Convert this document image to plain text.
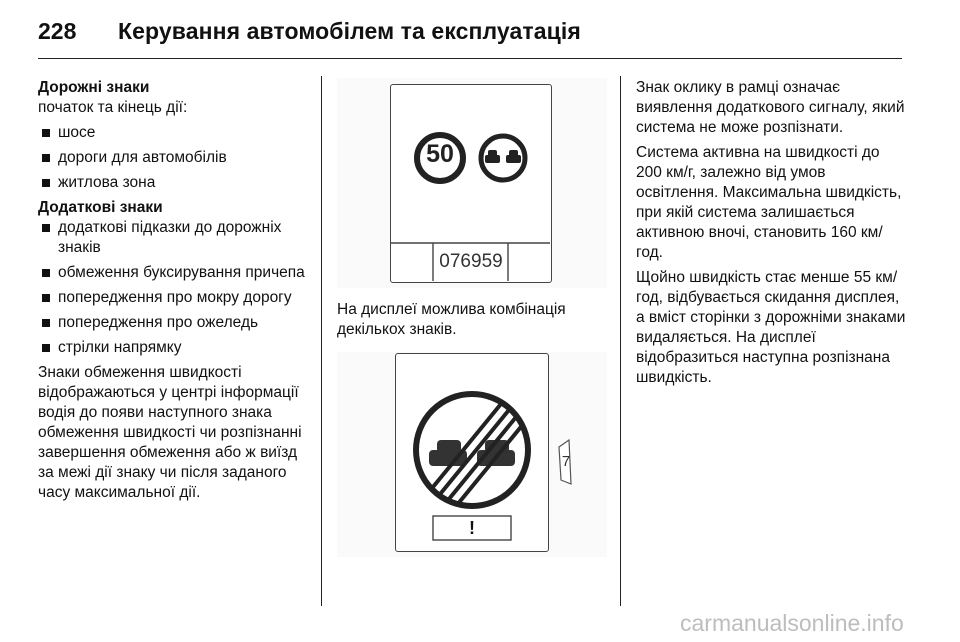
228 Керування автомобілем та експлуатація

Дорожні знаки

початок та кінець дії:

шосе
дороги для автомобілів
житлова зона

Додаткові знаки

додаткові підказки до дорожніх знаків
обмеження буксирування причепа
попередження про мокру дорогу
попередження про ожеледь
стрілки напрямку

Знаки обмеження швидкості відображаються у центрі інформації водія до появи наступного знака обмеження швидкості чи розпізнанні завершення обмеження або ж виїзд за межі дії знаку чи після заданого часу максимальної дії.

50
076959

На дисплеї можлива комбінація декількох знаків.

7
!

Знак оклику в рамці означає виявлення додаткового сигналу, який система не може розпізнати.

Система активна на швидкості до 200 км/г, залежно від умов освітлення. Максимальна швидкість, при якій система залишається активною вночі, становить 160 км/год.

Щойно швидкість стає менше 55 км/год, відбувається скидання дисплея, а вміст сторінки з дорожніми знаками видаляється. На дисплеї відобразиться наступна розпізнана швидкість.

carmanualsonline.info
